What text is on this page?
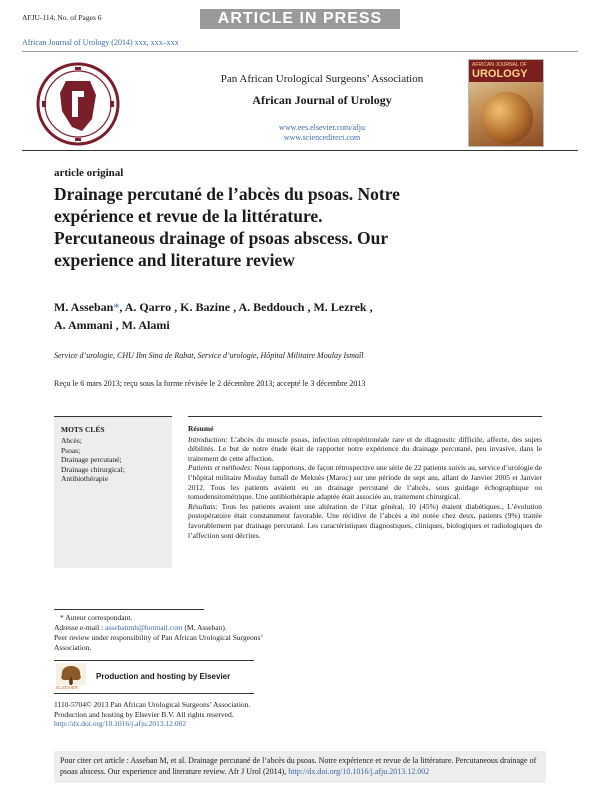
AFJU-114; No. of Pages 6	ARTICLE IN PRESS
African Journal of Urology (2014) xxx, xxx–xxx
Pan African Urological Surgeons’ Association
African Journal of Urology
www.ees.elsevier.com/afju
www.sciencedirect.com
AFRICAN JOURNAL OF
UROLOGY
article original
Drainage percutané de l’abcès du psoas. Notre
expérience et revue de la littérature.
Percutaneous drainage of psoas abscess. Our
experience and literature review
M. Asseban*, A. Qarro , K. Bazine , A. Beddouch , M. Lezrek ,
A. Ammani , M. Alami
Service d’urologie, CHU Ibn Sina de Rabat, Service d’urologie, Hôpital Militaire Moulay Ismaîl
Reçu le 6 mars 2013; reçu sous la forme révisée le 2 décembre 2013; accepté le 3 décembre 2013
MOTS CLÉS
Abcès;
Psoas;
Drainage percutané;
Drainage chirurgical;
Antibiothérapie
Résumé

Introduction: L’abcès du muscle psoas, infection rétropéritonéale rare et de diagnostic difficile, affecte, des sujets débilités. Le but de notre étude était de rapporter notre expérience du drainage percutané, peu invasive, dans le traitement de cette affection.

Patients et méthodes: Nous rapportons, de façon rétrospective une série de 22 patients suivis au, service d’urologie de l’hôpital militaire Moulay Ismaîl de Meknès (Maroc) sur une période de sept ans, allant de Janvier 2005 et Janvier 2012. Tous les patients avaient eu un drainage percutané de l’abcès, sous guidage échographique ou tomodensitométrique. Une antibiothérapie adaptée était associée au, traitement chirurgical.

Résultats: Tous les patients avaient une altération de l’état général, 10 (45%) étaient diabétiques., L’évolution postopératoire était constamment favorable. Une récidive de l’abcès a été notée chez deux, patients (9%) traitée favorablement par drainage percutané. Les caractéristiques diagnostiques, cliniques, biologiques et radiologiques de l’affection sont décrites.

* Auteur correspondant.
Adresse e-mail : assebanmh@hotmail.com (M. Asseban).
Peer review under responsibility of Pan African Urological Surgeons’ Association.
ELSEVIER
Production and hosting by Elsevier
1110-5704© 2013 Pan African Urological Surgeons’ Association.
Production and hosting by Elsevier B.V. All rights reserved.
http://dx.doi.org/10.1016/j.afju.2013.12.002
Pour citer cet article : Asseban M, et al. Drainage percutané de l’abcès du psoas. Notre expérience et revue de la littérature. Percutaneous drainage of psoas abscess. Our experience and literature review. Afr J Urol (2014), http://dx.doi.org/10.1016/j.afju.2013.12.002
